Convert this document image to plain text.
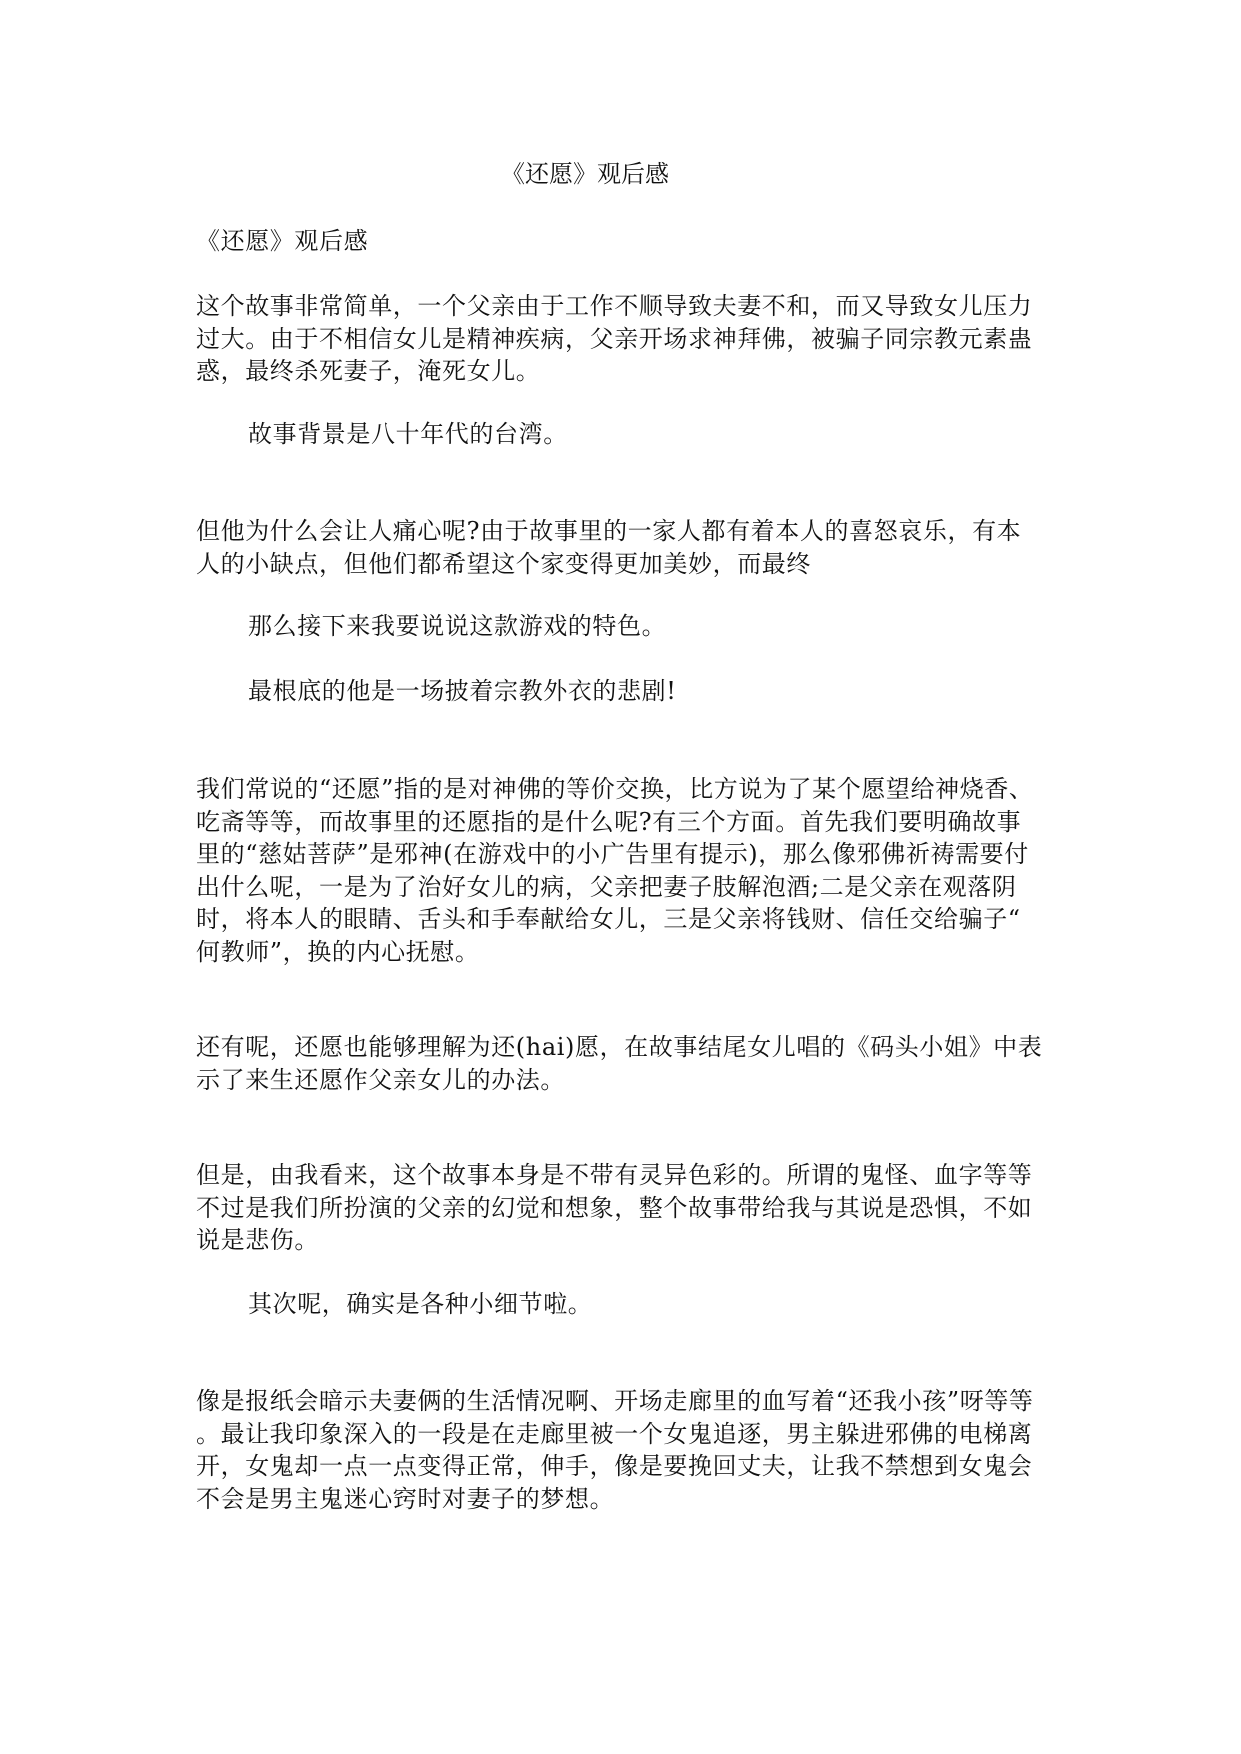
《还愿》观后感

《还愿》观后感

这个故事非常简单，一个父亲由于工作不顺导致夫妻不和，而又导致女儿压力
过大。由于不相信女儿是精神疾病，父亲开场求神拜佛，被骗子同宗教元素蛊
惑，最终杀死妻子，淹死女儿。

故事背景是八十年代的台湾。

但他为什么会让人痛心呢?由于故事里的一家人都有着本人的喜怒哀乐，有本
人的小缺点，但他们都希望这个家变得更加美妙，而最终

那么接下来我要说说这款游戏的特色。

最根底的他是一场披着宗教外衣的悲剧!

我们常说的“还愿”指的是对神佛的等价交换，比方说为了某个愿望给神烧香、
吃斋等等，而故事里的还愿指的是什么呢?有三个方面。首先我们要明确故事
里的“慈姑菩萨”是邪神(在游戏中的小广告里有提示)，那么像邪佛祈祷需要付
出什么呢，一是为了治好女儿的病，父亲把妻子肢解泡酒;二是父亲在观落阴
时，将本人的眼睛、舌头和手奉献给女儿，三是父亲将钱财、信任交给骗子“
何教师”，换的内心抚慰。

还有呢，还愿也能够理解为还(hai)愿，在故事结尾女儿唱的《码头小姐》中表
示了来生还愿作父亲女儿的办法。

但是，由我看来，这个故事本身是不带有灵异色彩的。所谓的鬼怪、血字等等
不过是我们所扮演的父亲的幻觉和想象，整个故事带给我与其说是恐惧，不如
说是悲伤。

其次呢，确实是各种小细节啦。

像是报纸会暗示夫妻俩的生活情况啊、开场走廊里的血写着“还我小孩”呀等等
。最让我印象深入的一段是在走廊里被一个女鬼追逐，男主躲进邪佛的电梯离
开，女鬼却一点一点变得正常，伸手，像是要挽回丈夫，让我不禁想到女鬼会
不会是男主鬼迷心窍时对妻子的梦想。
